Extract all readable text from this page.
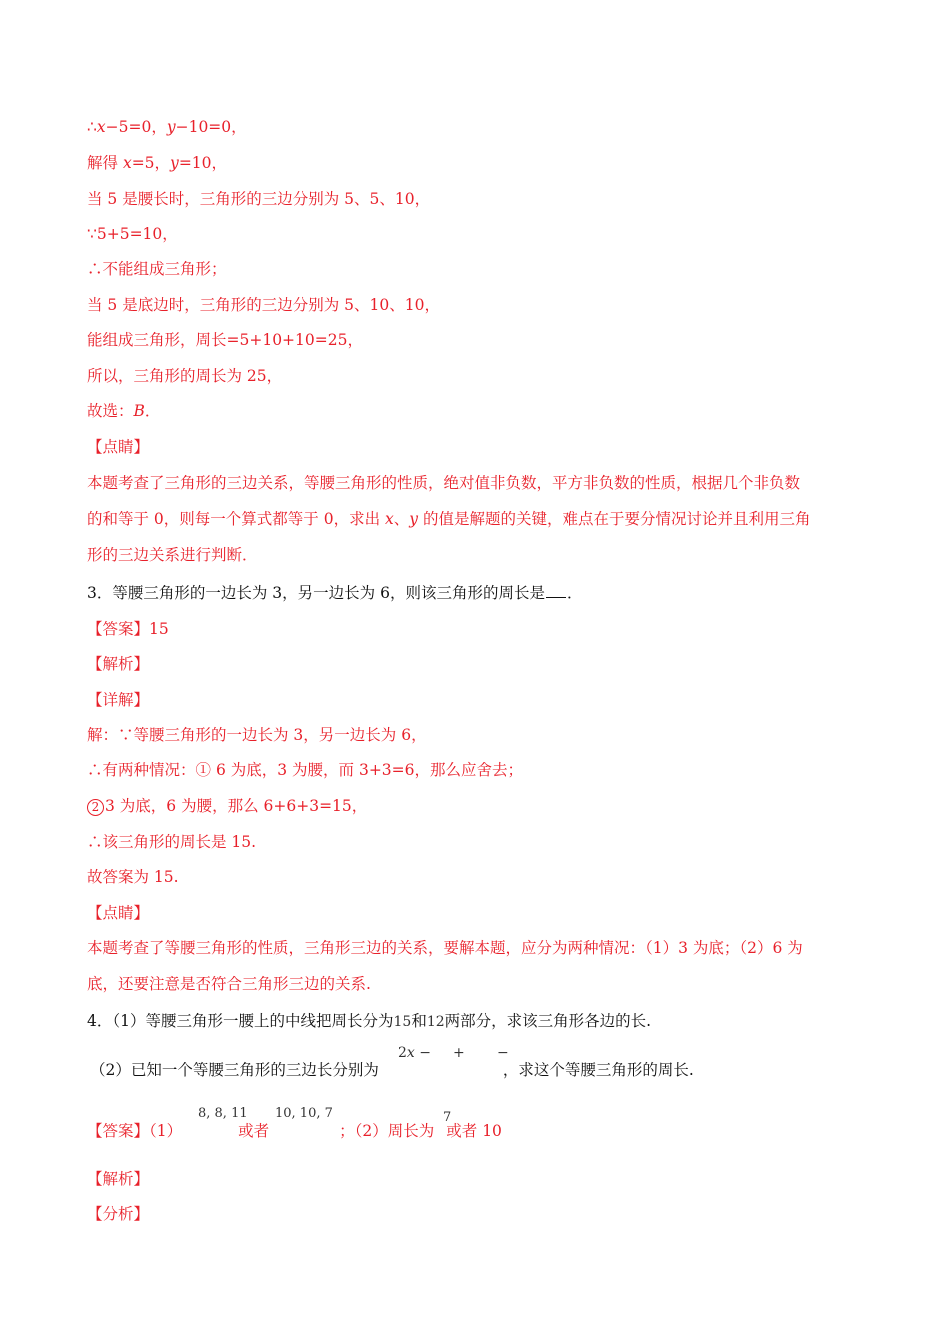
∴x−5=0，y−10=0，
解得 x=5，y=10，
当 5 是腰长时，三角形的三边分别为 5、5、10，
∵5+5=10，
∴不能组成三角形；
当 5 是底边时，三角形的三边分别为 5、10、10，
能组成三角形，周长=5+10+10=25，
所以，三角形的周长为 25，
故选：B．
【点睛】
本题考查了三角形的三边关系，等腰三角形的性质，绝对值非负数，平方非负数的性质，根据几个非负数
的和等于 0，则每一个算式都等于 0，求出 x、y 的值是解题的关键，难点在于要分情况讨论并且利用三角
形的三边关系进行判断．
3．等腰三角形的一边长为 3，另一边长为 6，则该三角形的周长是 ．
【答案】15
【解析】
【详解】
解：∵等腰三角形的一边长为 3，另一边长为 6，
∴有两种情况：① 6 为底，3 为腰，而 3+3=6，那么应舍去；
2 3 为底，6 为腰，那么 6+6+3=15，
∴该三角形的周长是 15.
故答案为 15.
【点睛】
本题考查了等腰三角形的性质，三角形三边的关系，要解本题，应分为两种情况：（1）3 为底；（2）6 为
底，还要注意是否符合三角形三边的关系.
4．（1）等腰三角形一腰上的中线把周长分为15和12两部分，求该三角形各边的长.
2x − + −
（2）已知一个等腰三角形的三边长分别为	，求这个等腰三角形的周长.
8, 8, 11 10, 10, 7	7
【答案】（1）	或者	；（2）周长为 或者 10
【解析】
【分析】
